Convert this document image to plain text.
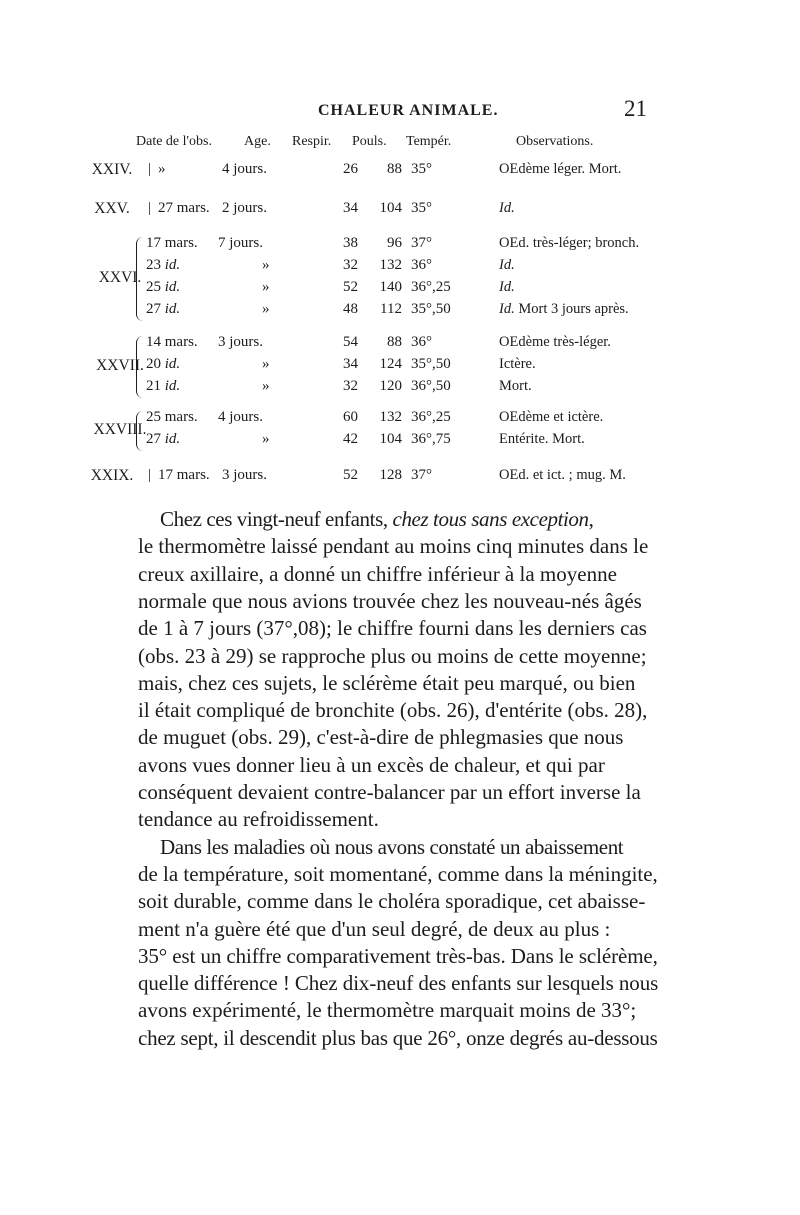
CHALEUR ANIMALE.	21
Date de l'obs. Age. Respir. Pouls. Tempér.	Observations.
XXIV. | »	4 jours.	26	88 35°	OEdème léger. Mort.
XXV. | 27 mars. 2 jours.	34	104 35°	Id.
XXVI.
17 mars. 7 jours.	38	96 37°	OEd. très-léger; bronch.
23 id.	»	32	132 36°	Id.
25 id.	»	52	140 36°,25	Id.
27 id.	»	48	112 35°,50	Id. Mort 3 jours après.
XXVII.
14 mars. 3 jours.	54	88 36°	OEdème très-léger.
20 id.	»	34	124 35°,50	Ictère.
21 id.	»	32	120 36°,50	Mort.
XXVIII.
25 mars. 4 jours.	60	132 36°,25	OEdème et ictère.
27 id.	»	42	104 36°,75	Entérite. Mort.
XXIX. | 17 mars. 3 jours.	52	128 37°	OEd. et ict. ; mug. M.
Chez ces vingt-neuf enfants, chez tous sans exception,
le thermomètre laissé pendant au moins cinq minutes dans le
creux axillaire, a donné un chiffre inférieur à la moyenne
normale que nous avions trouvée chez les nouveau-nés âgés
de 1 à 7 jours (37°,08); le chiffre fourni dans les derniers cas
(obs. 23 à 29) se rapproche plus ou moins de cette moyenne;
mais, chez ces sujets, le sclérème était peu marqué, ou bien
il était compliqué de bronchite (obs. 26), d'entérite (obs. 28),
de muguet (obs. 29), c'est-à-dire de phlegmasies que nous
avons vues donner lieu à un excès de chaleur, et qui par
conséquent devaient contre-balancer par un effort inverse la
tendance au refroidissement.
Dans les maladies où nous avons constaté un abaissement
de la température, soit momentané, comme dans la méningite,
soit durable, comme dans le choléra sporadique, cet abaisse-
ment n'a guère été que d'un seul degré, de deux au plus :
35° est un chiffre comparativement très-bas. Dans le sclérème,
quelle différence ! Chez dix-neuf des enfants sur lesquels nous
avons expérimenté, le thermomètre marquait moins de 33°;
chez sept, il descendit plus bas que 26°, onze degrés au-dessous
